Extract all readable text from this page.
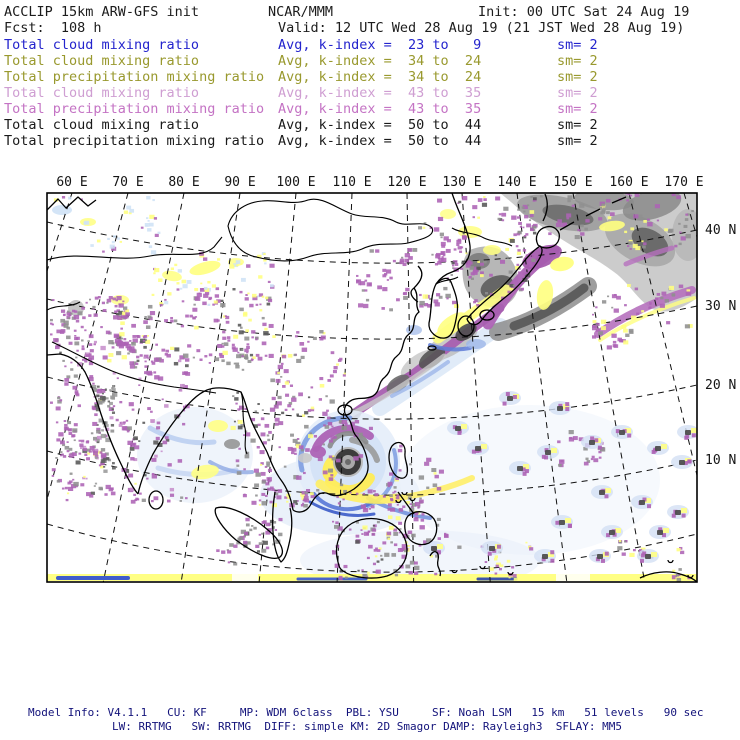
ACCLIP 15km ARW-GFS init	NCAR/MMM	Init: 00 UTC Sat 24 Aug 19
Fcst:  108 h	Valid: 12 UTC Wed 28 Aug 19 (21 JST Wed 28 Aug 19)
Total cloud mixing ratio	Avg, k-index =  23 to   9	sm= 2
Total cloud mixing ratio	Avg, k-index =  34 to  24	sm= 2
Total precipitation mixing ratio Avg, k-index =  34 to  24	sm= 2
Total cloud mixing ratio	Avg, k-index =  43 to  35	sm= 2
Total precipitation mixing ratio Avg, k-index =  43 to  35	sm= 2
Total cloud mixing ratio	Avg, k-index =  50 to  44	sm= 2
Total precipitation mixing ratio Avg, k-index =  50 to  44	sm= 2
60 E 70 E 80 E 90 E 100 E 110 E 120 E 130 E 140 E 150 E 160 E 170 E
40 N
30 N
20 N
10 N
Model Info: V4.1.1   CU: KF     MP: WDM 6class  PBL: YSU     SF: Noah LSM   15 km   51 levels   90 sec
LW: RRTMG   SW: RRTMG  DIFF: simple KM: 2D Smagor DAMP: Rayleigh3  SFLAY: MM5
